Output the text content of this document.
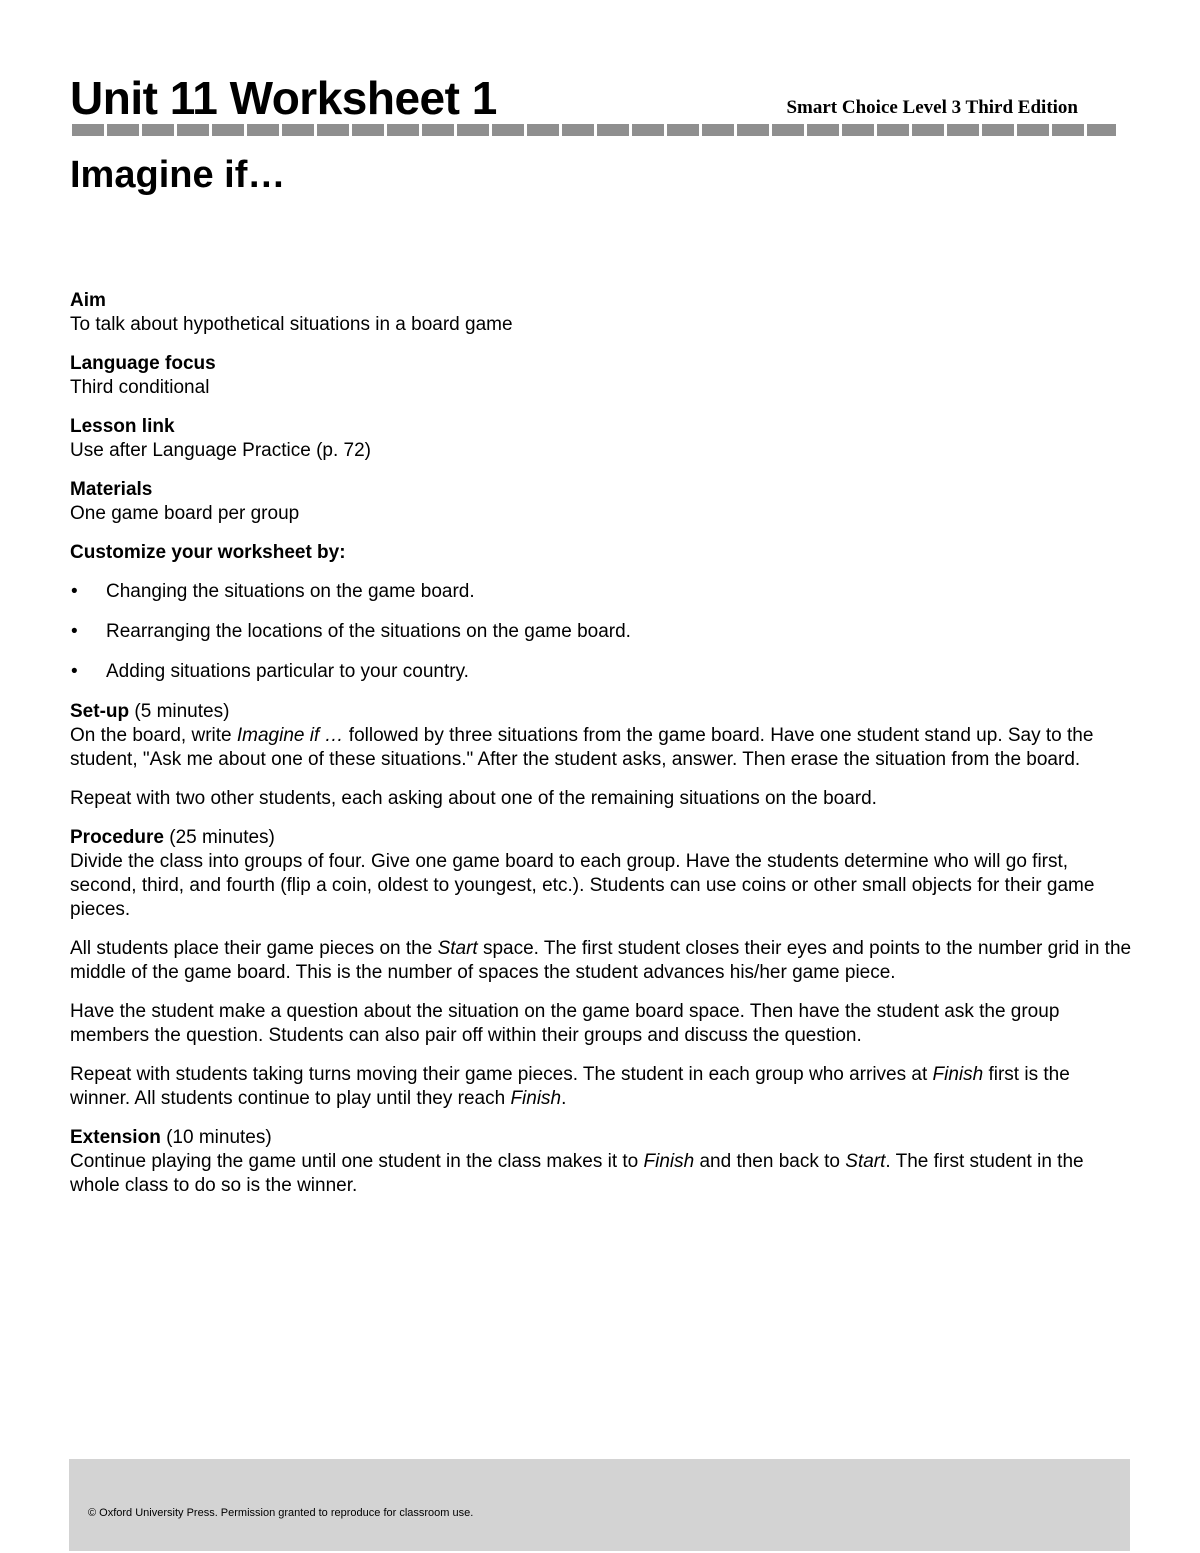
Unit 11 Worksheet 1	Smart Choice Level 3 Third Edition
Imagine if…

Aim

To talk about hypothetical situations in a board game

Language focus

Third conditional

Lesson link

Use after Language Practice (p. 72)

Materials

One game board per group

Customize your worksheet by:

• Changing the situations on the game board.
• Rearranging the locations of the situations on the game board.
• Adding situations particular to your country.

Set-up (5 minutes)

On the board, write Imagine if … followed by three situations from the game board. Have one student stand up. Say to the student, "Ask me about one of these situations." After the student asks, answer. Then erase the situation from the board.

Repeat with two other students, each asking about one of the remaining situations on the board.

Procedure (25 minutes)

Divide the class into groups of four. Give one game board to each group. Have the students determine who will go first, second, third, and fourth (flip a coin, oldest to youngest, etc.). Students can use coins or other small objects for their game pieces.

All students place their game pieces on the Start space. The first student closes their eyes and points to the number grid in the middle of the game board. This is the number of spaces the student advances his/her game piece.

Have the student make a question about the situation on the game board space. Then have the student ask the group members the question. Students can also pair off within their groups and discuss the question.

Repeat with students taking turns moving their game pieces. The student in each group who arrives at Finish first is the winner. All students continue to play until they reach Finish.

Extension (10 minutes)

Continue playing the game until one student in the class makes it to Finish and then back to Start. The first student in the whole class to do so is the winner.

© Oxford University Press. Permission granted to reproduce for classroom use.
